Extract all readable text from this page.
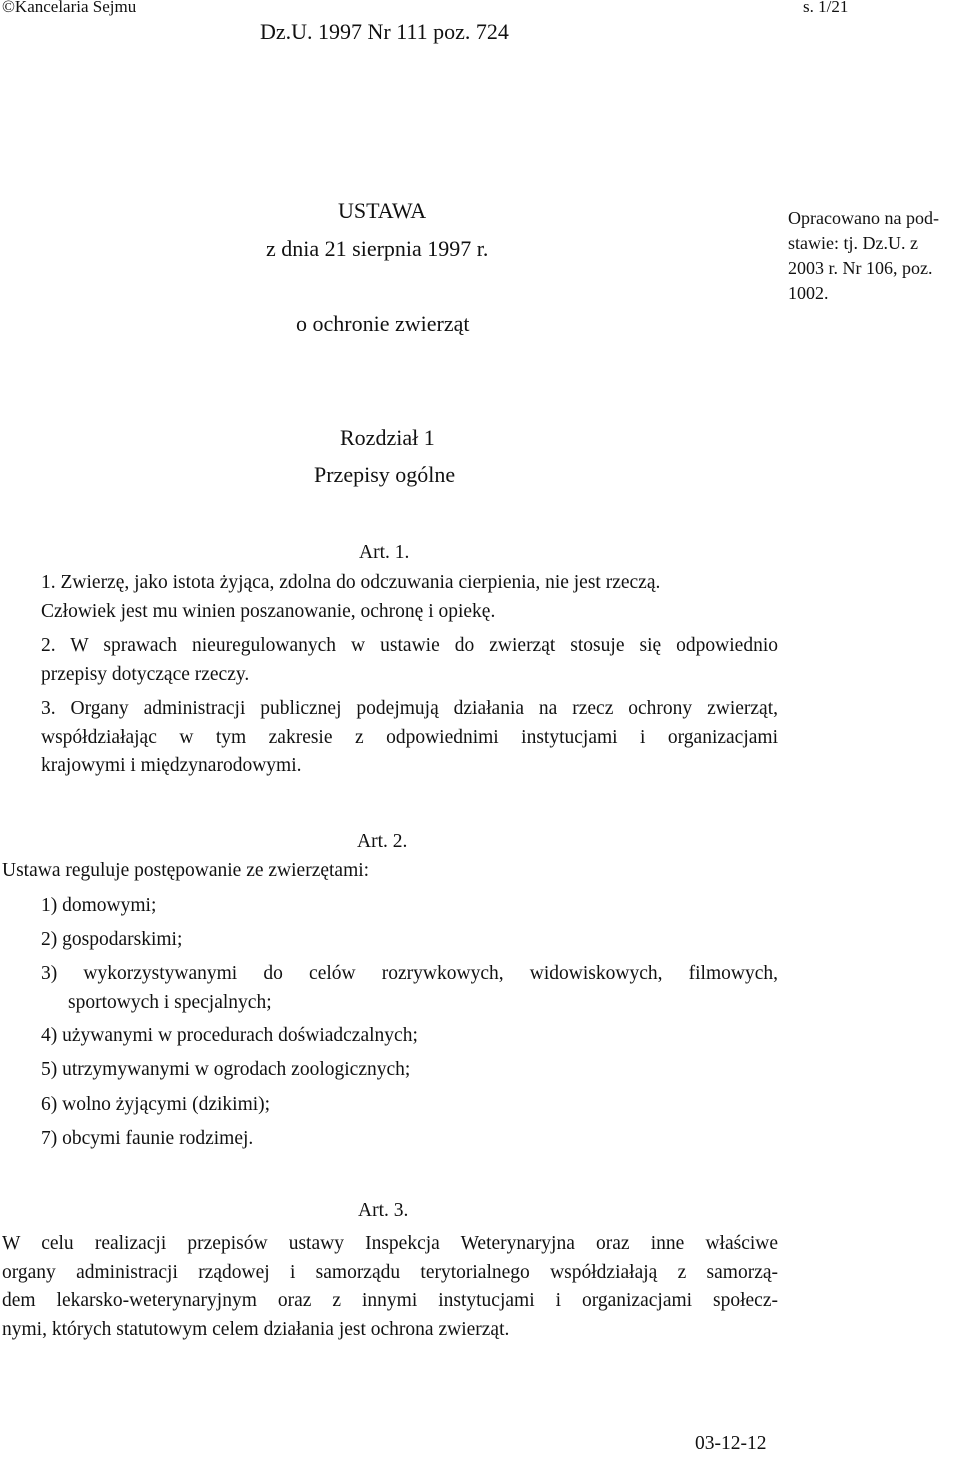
©Kancelaria Sejmu	s. 1/21
Dz.U. 1997 Nr 111 poz. 724
USTAWA
z dnia 21 sierpnia 1997 r.
o ochronie zwierząt
Opracowano na pod-
stawie: tj. Dz.U. z
2003 r. Nr 106, poz.
1002.
Rozdział 1
Przepisy ogólne
Art. 1.
1. Zwierzę, jako istota żyjąca, zdolna do odczuwania cierpienia, nie jest rzeczą.
Człowiek jest mu winien poszanowanie, ochronę i opiekę.
2. W sprawach nieuregulowanych w ustawie do zwierząt stosuje się odpowiednio
przepisy dotyczące rzeczy.
3. Organy administracji publicznej podejmują działania na rzecz ochrony zwierząt,
współdziałając w tym zakresie z odpowiednimi instytucjami i organizacjami
krajowymi i międzynarodowymi.
Art. 2.
Ustawa reguluje postępowanie ze zwierzętami:
1) domowymi;
2) gospodarskimi;
3) wykorzystywanymi do celów rozrywkowych, widowiskowych, filmowych,
sportowych i specjalnych;
4) używanymi w procedurach doświadczalnych;
5) utrzymywanymi w ogrodach zoologicznych;
6) wolno żyjącymi (dzikimi);
7) obcymi faunie rodzimej.
Art. 3.
W celu realizacji przepisów ustawy Inspekcja Weterynaryjna oraz inne właściwe
organy administracji rządowej i samorządu terytorialnego współdziałają z samorzą-
dem lekarsko-weterynaryjnym oraz z innymi instytucjami i organizacjami społecz-
nymi, których statutowym celem działania jest ochrona zwierząt.
03-12-12
